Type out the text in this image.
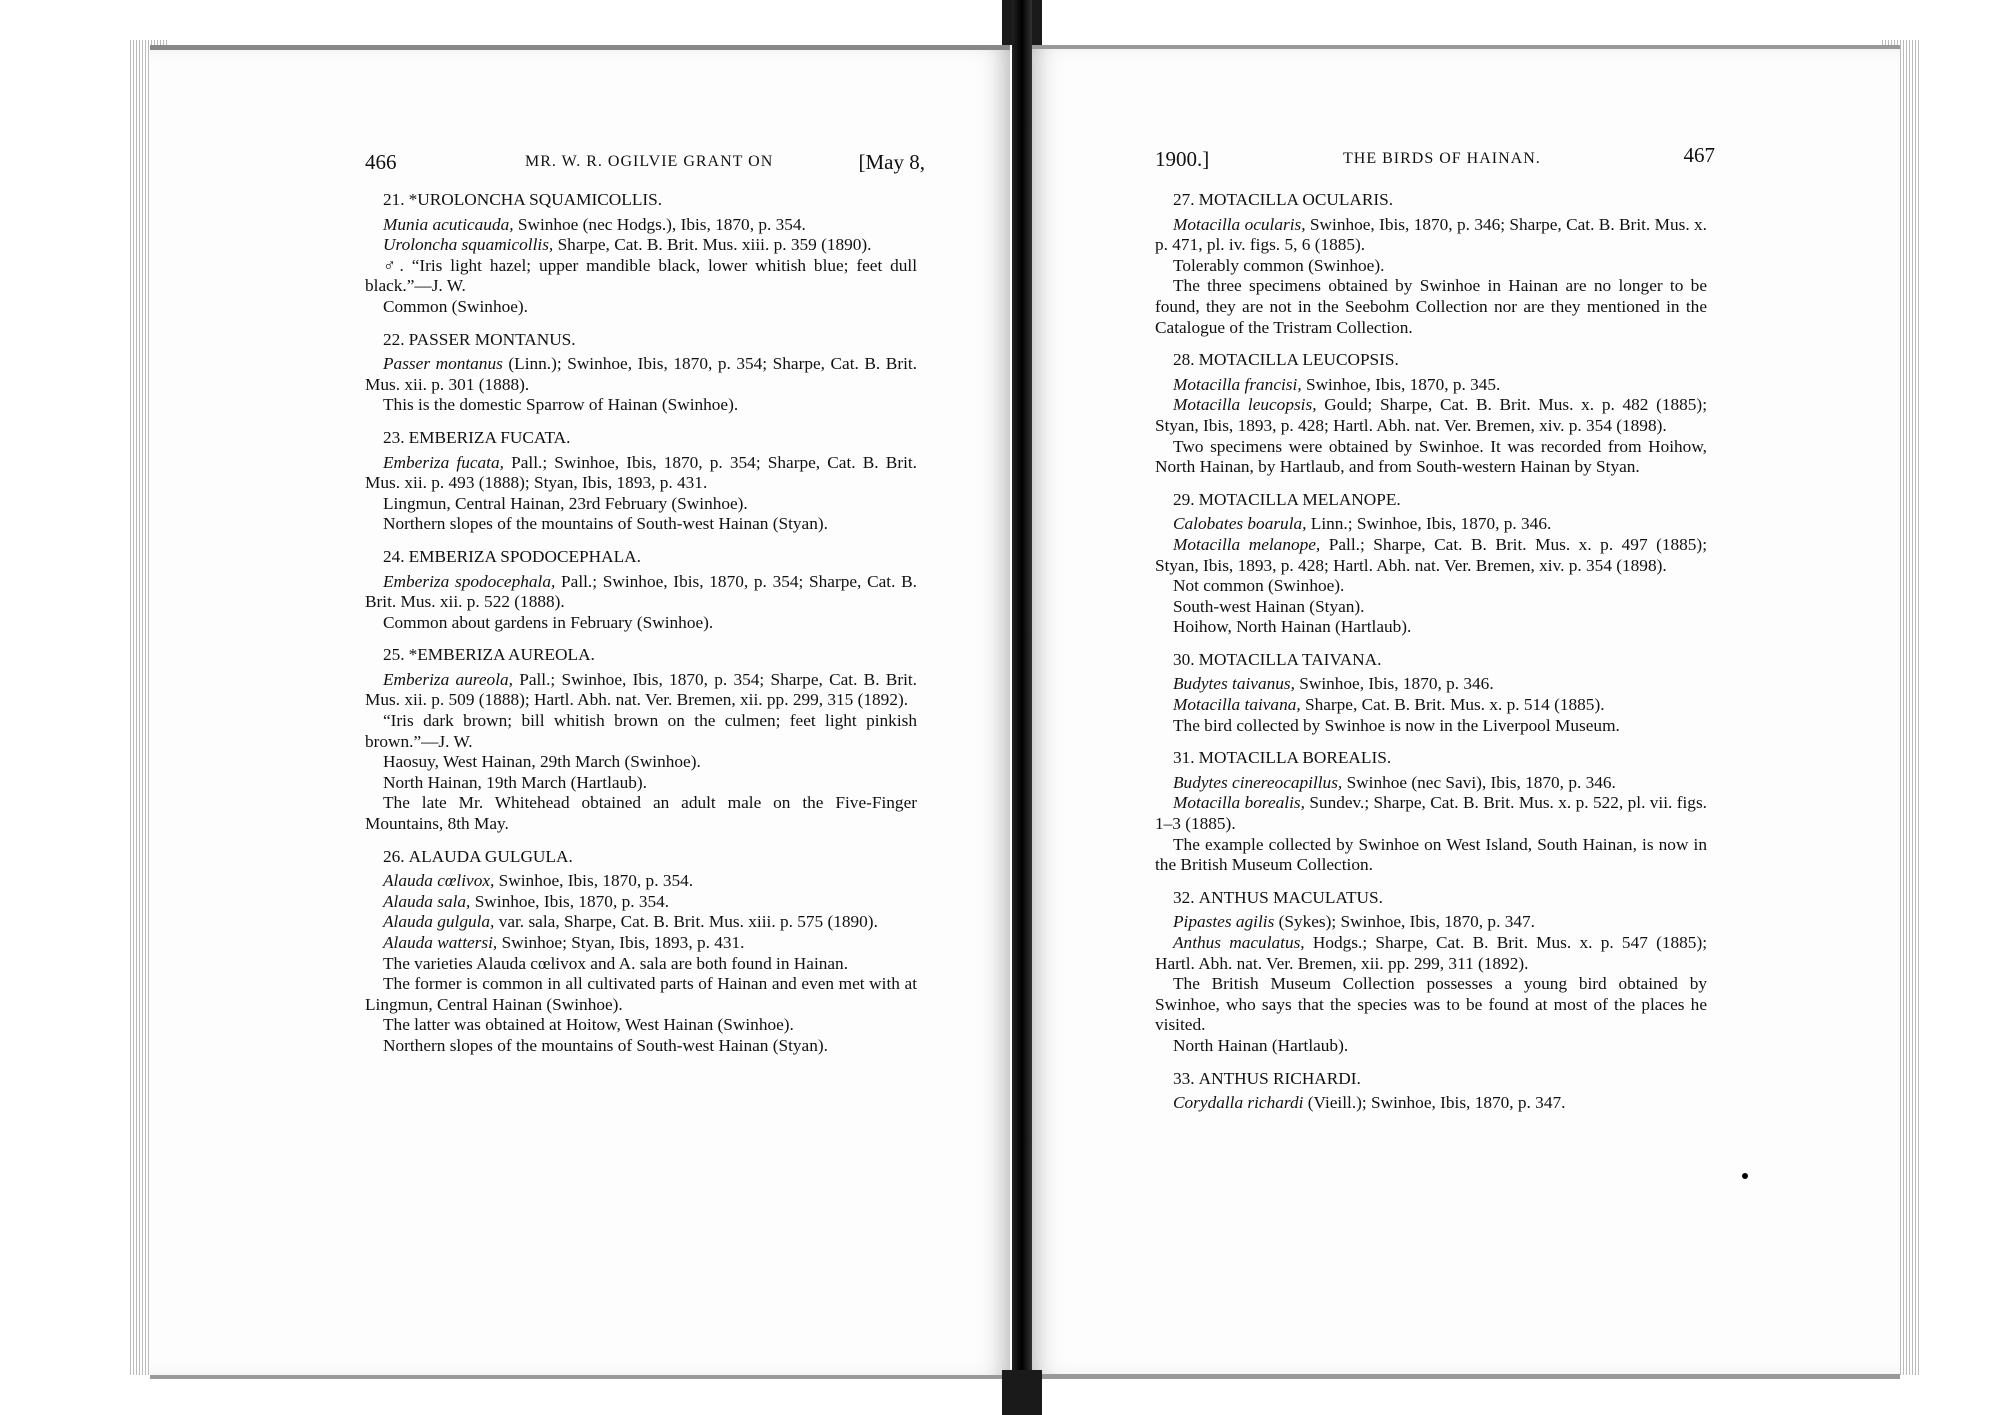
466	MR. W. R. OGILVIE GRANT ON	[May 8,	1900.]	THE BIRDS OF HAINAN.	467
21. *UROLONCHA SQUAMICOLLIS.

Munia acuticauda, Swinhoe (nec Hodgs.), Ibis, 1870, p. 354.

Uroloncha squamicollis, Sharpe, Cat. B. Brit. Mus. xiii. p. 359 (1890).

♂. “Iris light hazel; upper mandible black, lower whitish blue; feet dull black.”—J. W.

Common (Swinhoe).

22. PASSER MONTANUS.

Passer montanus (Linn.); Swinhoe, Ibis, 1870, p. 354; Sharpe, Cat. B. Brit. Mus. xii. p. 301 (1888).

This is the domestic Sparrow of Hainan (Swinhoe).

23. EMBERIZA FUCATA.

Emberiza fucata, Pall.; Swinhoe, Ibis, 1870, p. 354; Sharpe, Cat. B. Brit. Mus. xii. p. 493 (1888); Styan, Ibis, 1893, p. 431.

Lingmun, Central Hainan, 23rd February (Swinhoe).

Northern slopes of the mountains of South-west Hainan (Styan).

24. EMBERIZA SPODOCEPHALA.

Emberiza spodocephala, Pall.; Swinhoe, Ibis, 1870, p. 354; Sharpe, Cat. B. Brit. Mus. xii. p. 522 (1888).

Common about gardens in February (Swinhoe).

25. *EMBERIZA AUREOLA.

Emberiza aureola, Pall.; Swinhoe, Ibis, 1870, p. 354; Sharpe, Cat. B. Brit. Mus. xii. p. 509 (1888); Hartl. Abh. nat. Ver. Bremen, xii. pp. 299, 315 (1892).

“Iris dark brown; bill whitish brown on the culmen; feet light pinkish brown.”—J. W.

Haosuy, West Hainan, 29th March (Swinhoe).

North Hainan, 19th March (Hartlaub).

The late Mr. Whitehead obtained an adult male on the Five-Finger Mountains, 8th May.

26. ALAUDA GULGULA.

Alauda cœlivox, Swinhoe, Ibis, 1870, p. 354.

Alauda sala, Swinhoe, Ibis, 1870, p. 354.

Alauda gulgula, var. sala, Sharpe, Cat. B. Brit. Mus. xiii. p. 575 (1890).

Alauda wattersi, Swinhoe; Styan, Ibis, 1893, p. 431.

The varieties Alauda cœlivox and A. sala are both found in Hainan.

The former is common in all cultivated parts of Hainan and even met with at Lingmun, Central Hainan (Swinhoe).

The latter was obtained at Hoitow, West Hainan (Swinhoe).

Northern slopes of the mountains of South-west Hainan (Styan).

27. MOTACILLA OCULARIS.

Motacilla ocularis, Swinhoe, Ibis, 1870, p. 346; Sharpe, Cat. B. Brit. Mus. x. p. 471, pl. iv. figs. 5, 6 (1885).

Tolerably common (Swinhoe).

The three specimens obtained by Swinhoe in Hainan are no longer to be found, they are not in the Seebohm Collection nor are they mentioned in the Catalogue of the Tristram Collection.

28. MOTACILLA LEUCOPSIS.

Motacilla francisi, Swinhoe, Ibis, 1870, p. 345.

Motacilla leucopsis, Gould; Sharpe, Cat. B. Brit. Mus. x. p. 482 (1885); Styan, Ibis, 1893, p. 428; Hartl. Abh. nat. Ver. Bremen, xiv. p. 354 (1898).

Two specimens were obtained by Swinhoe. It was recorded from Hoihow, North Hainan, by Hartlaub, and from South-western Hainan by Styan.

29. MOTACILLA MELANOPE.

Calobates boarula, Linn.; Swinhoe, Ibis, 1870, p. 346.

Motacilla melanope, Pall.; Sharpe, Cat. B. Brit. Mus. x. p. 497 (1885); Styan, Ibis, 1893, p. 428; Hartl. Abh. nat. Ver. Bremen, xiv. p. 354 (1898).

Not common (Swinhoe).

South-west Hainan (Styan).

Hoihow, North Hainan (Hartlaub).

30. MOTACILLA TAIVANA.

Budytes taivanus, Swinhoe, Ibis, 1870, p. 346.

Motacilla taivana, Sharpe, Cat. B. Brit. Mus. x. p. 514 (1885).

The bird collected by Swinhoe is now in the Liverpool Museum.

31. MOTACILLA BOREALIS.

Budytes cinereocapillus, Swinhoe (nec Savi), Ibis, 1870, p. 346.

Motacilla borealis, Sundev.; Sharpe, Cat. B. Brit. Mus. x. p. 522, pl. vii. figs. 1–3 (1885).

The example collected by Swinhoe on West Island, South Hainan, is now in the British Museum Collection.

32. ANTHUS MACULATUS.

Pipastes agilis (Sykes); Swinhoe, Ibis, 1870, p. 347.

Anthus maculatus, Hodgs.; Sharpe, Cat. B. Brit. Mus. x. p. 547 (1885); Hartl. Abh. nat. Ver. Bremen, xii. pp. 299, 311 (1892).

The British Museum Collection possesses a young bird obtained by Swinhoe, who says that the species was to be found at most of the places he visited.

North Hainan (Hartlaub).

33. ANTHUS RICHARDI.

Corydalla richardi (Vieill.); Swinhoe, Ibis, 1870, p. 347.
